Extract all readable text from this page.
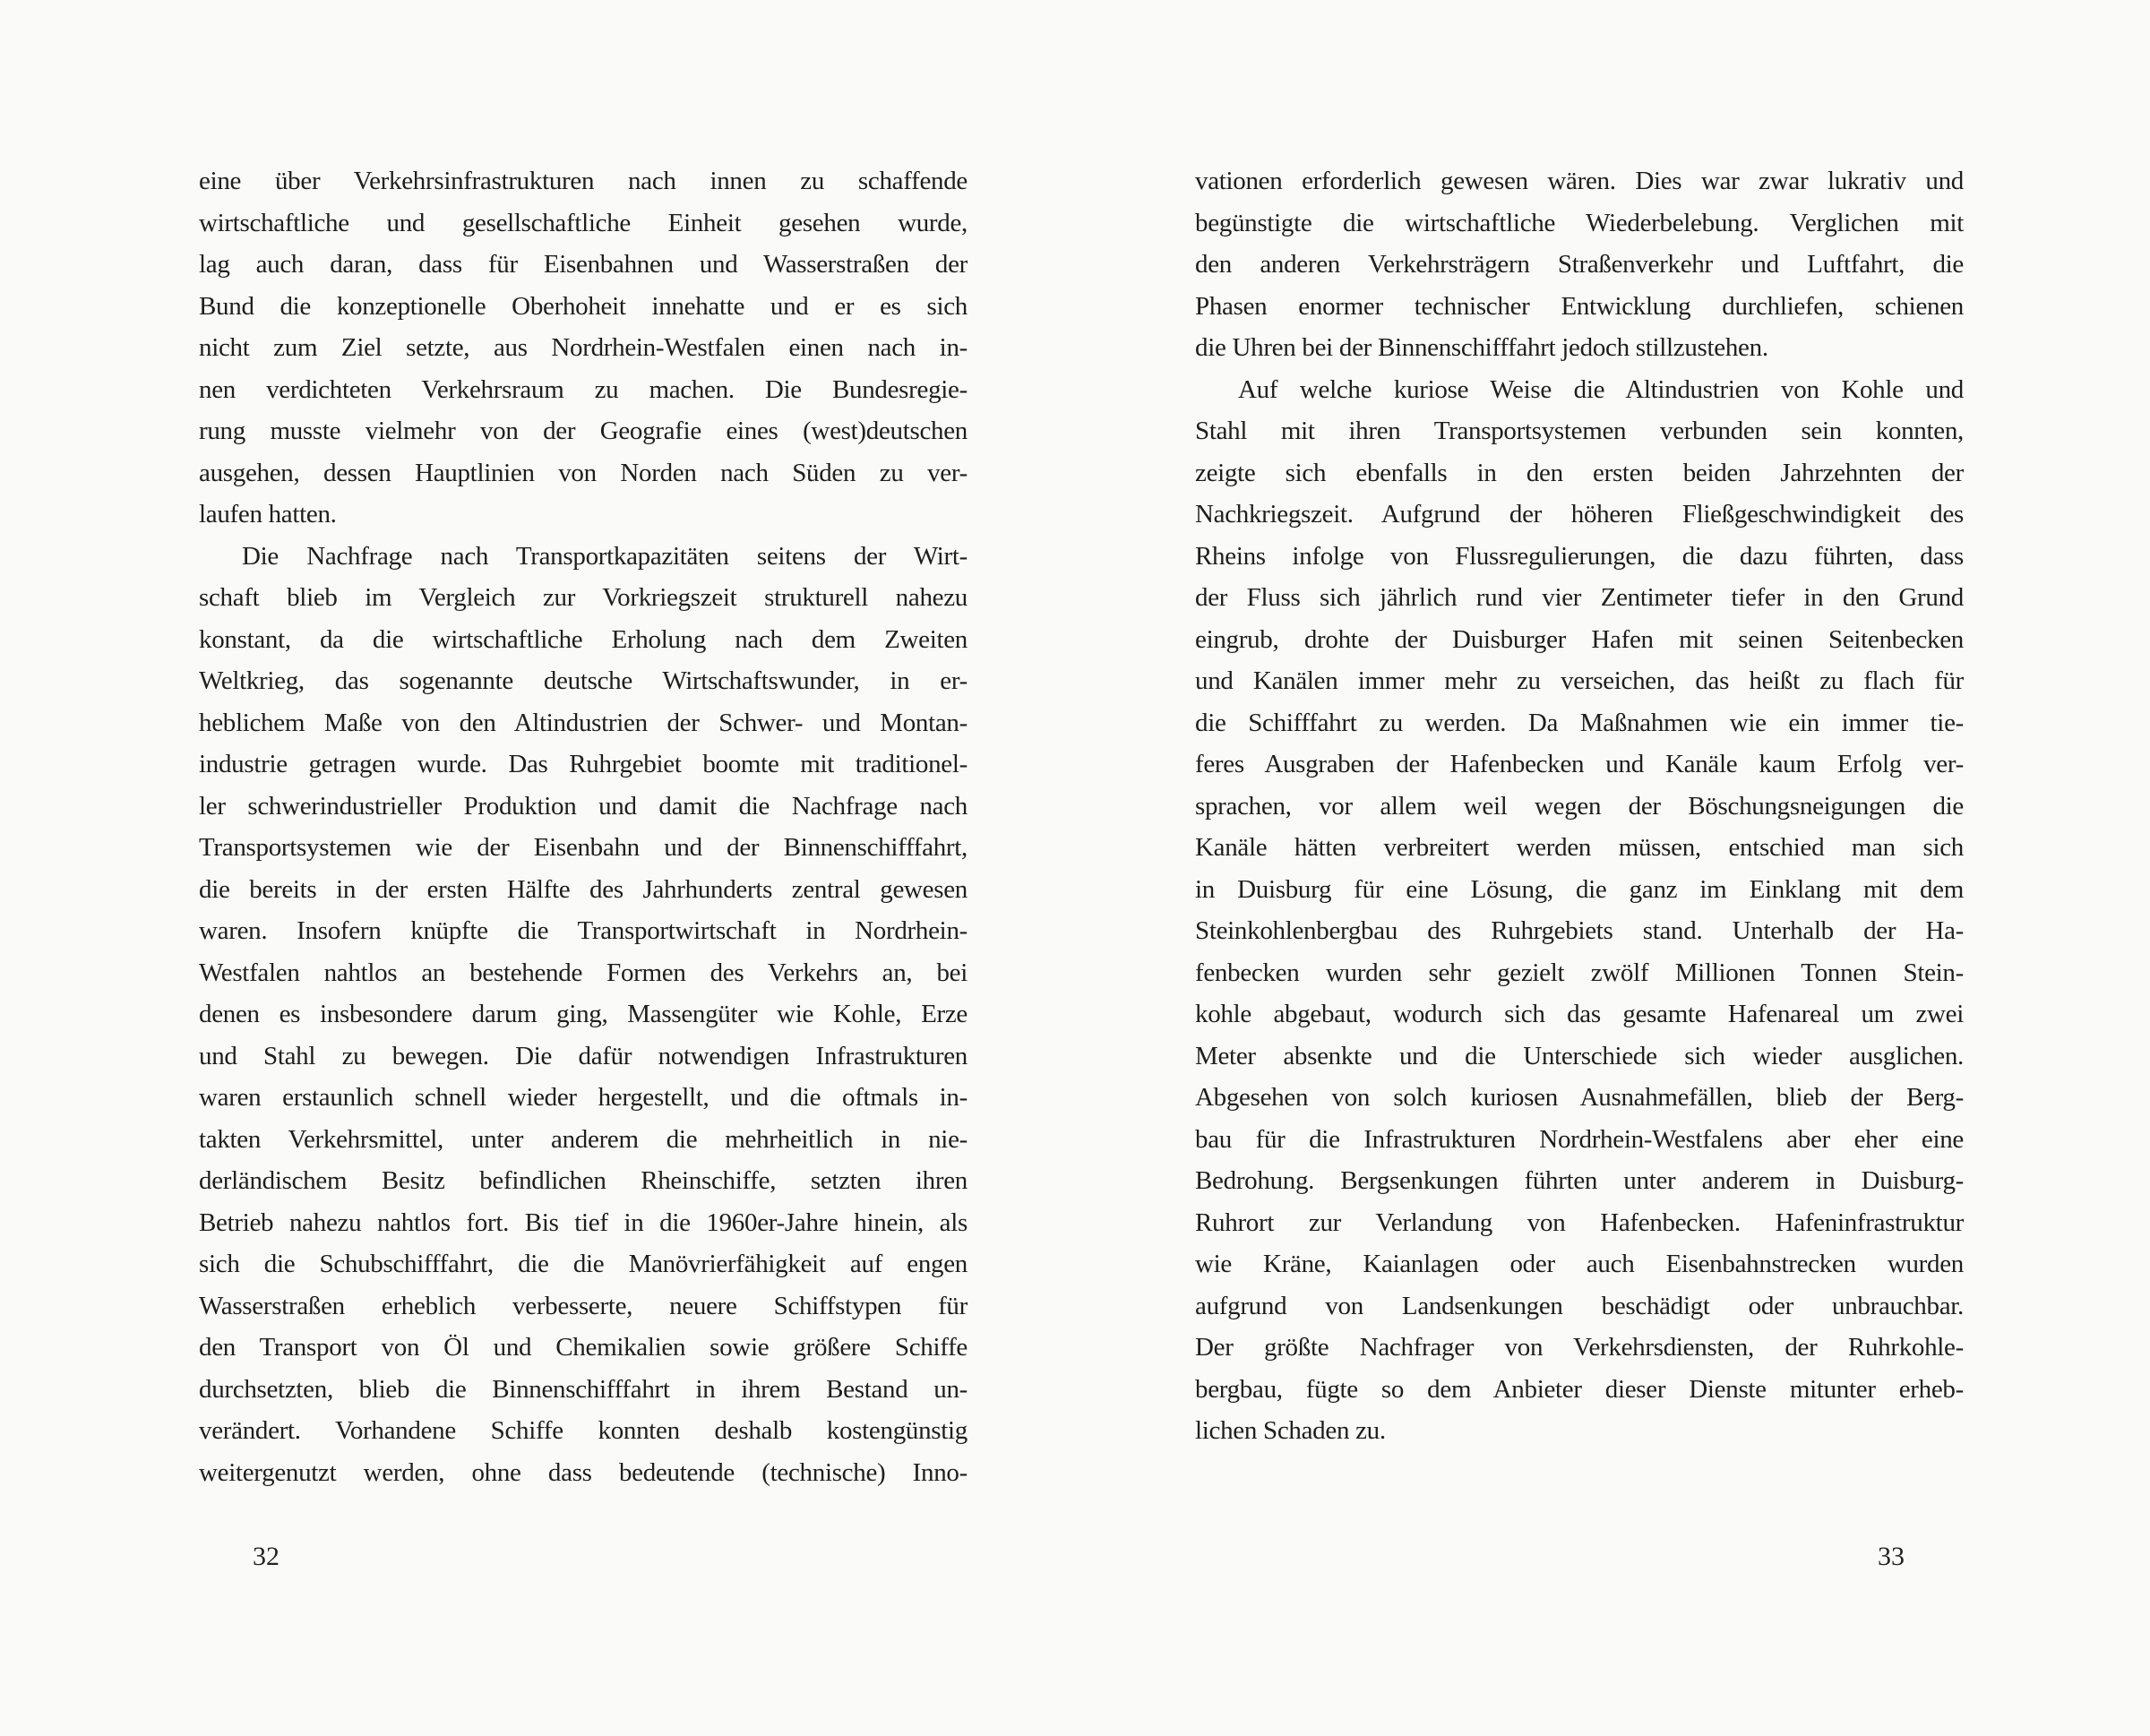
eine über Verkehrsinfrastrukturen nach innen zu schaffende
wirtschaftliche und gesellschaftliche Einheit gesehen wurde,
lag auch daran, dass für Eisenbahnen und Wasserstraßen der
Bund die konzeptionelle Oberhoheit innehatte und er es sich
nicht zum Ziel setzte, aus Nordrhein-Westfalen einen nach in-
nen verdichteten Verkehrsraum zu machen. Die Bundesregie-
rung musste vielmehr von der Geografie eines (west)deutschen
ausgehen, dessen Hauptlinien von Norden nach Süden zu ver-
laufen hatten.
Die Nachfrage nach Transportkapazitäten seitens der Wirt-
schaft blieb im Vergleich zur Vorkriegszeit strukturell nahezu
konstant, da die wirtschaftliche Erholung nach dem Zweiten
Weltkrieg, das sogenannte deutsche Wirtschaftswunder, in er-
heblichem Maße von den Altindustrien der Schwer- und Montan-
industrie getragen wurde. Das Ruhrgebiet boomte mit traditionel-
ler schwerindustrieller Produktion und damit die Nachfrage nach
Transportsystemen wie der Eisenbahn und der Binnenschifffahrt,
die bereits in der ersten Hälfte des Jahrhunderts zentral gewesen
waren. Insofern knüpfte die Transportwirtschaft in Nordrhein-
Westfalen nahtlos an bestehende Formen des Verkehrs an, bei
denen es insbesondere darum ging, Massengüter wie Kohle, Erze
und Stahl zu bewegen. Die dafür notwendigen Infrastrukturen
waren erstaunlich schnell wieder hergestellt, und die oftmals in-
takten Verkehrsmittel, unter anderem die mehrheitlich in nie-
derländischem Besitz befindlichen Rheinschiffe, setzten ihren
Betrieb nahezu nahtlos fort. Bis tief in die 1960er-Jahre hinein, als
sich die Schubschifffahrt, die die Manövrierfähigkeit auf engen
Wasserstraßen erheblich verbesserte, neuere Schiffstypen für
den Transport von Öl und Chemikalien sowie größere Schiffe
durchsetzten, blieb die Binnenschifffahrt in ihrem Bestand un-
verändert. Vorhandene Schiffe konnten deshalb kostengünstig
weitergenutzt werden, ohne dass bedeutende (technische) Inno-
32
vationen erforderlich gewesen wären. Dies war zwar lukrativ und
begünstigte die wirtschaftliche Wiederbelebung. Verglichen mit
den anderen Verkehrsträgern Straßenverkehr und Luftfahrt, die
Phasen enormer technischer Entwicklung durchliefen, schienen
die Uhren bei der Binnenschifffahrt jedoch stillzustehen.
Auf welche kuriose Weise die Altindustrien von Kohle und
Stahl mit ihren Transportsystemen verbunden sein konnten,
zeigte sich ebenfalls in den ersten beiden Jahrzehnten der
Nachkriegszeit. Aufgrund der höheren Fließgeschwindigkeit des
Rheins infolge von Flussregulierungen, die dazu führten, dass
der Fluss sich jährlich rund vier Zentimeter tiefer in den Grund
eingrub, drohte der Duisburger Hafen mit seinen Seitenbecken
und Kanälen immer mehr zu verseichen, das heißt zu flach für
die Schifffahrt zu werden. Da Maßnahmen wie ein immer tie-
feres Ausgraben der Hafenbecken und Kanäle kaum Erfolg ver-
sprachen, vor allem weil wegen der Böschungsneigungen die
Kanäle hätten verbreitert werden müssen, entschied man sich
in Duisburg für eine Lösung, die ganz im Einklang mit dem
Steinkohlenbergbau des Ruhrgebiets stand. Unterhalb der Ha-
fenbecken wurden sehr gezielt zwölf Millionen Tonnen Stein-
kohle abgebaut, wodurch sich das gesamte Hafenareal um zwei
Meter absenkte und die Unterschiede sich wieder ausglichen.
Abgesehen von solch kuriosen Ausnahmefällen, blieb der Berg-
bau für die Infrastrukturen Nordrhein-Westfalens aber eher eine
Bedrohung. Bergsenkungen führten unter anderem in Duisburg-
Ruhrort zur Verlandung von Hafenbecken. Hafeninfrastruktur
wie Kräne, Kaianlagen oder auch Eisenbahnstrecken wurden
aufgrund von Landsenkungen beschädigt oder unbrauchbar.
Der größte Nachfrager von Verkehrsdiensten, der Ruhrkohle-
bergbau, fügte so dem Anbieter dieser Dienste mitunter erheb-
lichen Schaden zu.
33
